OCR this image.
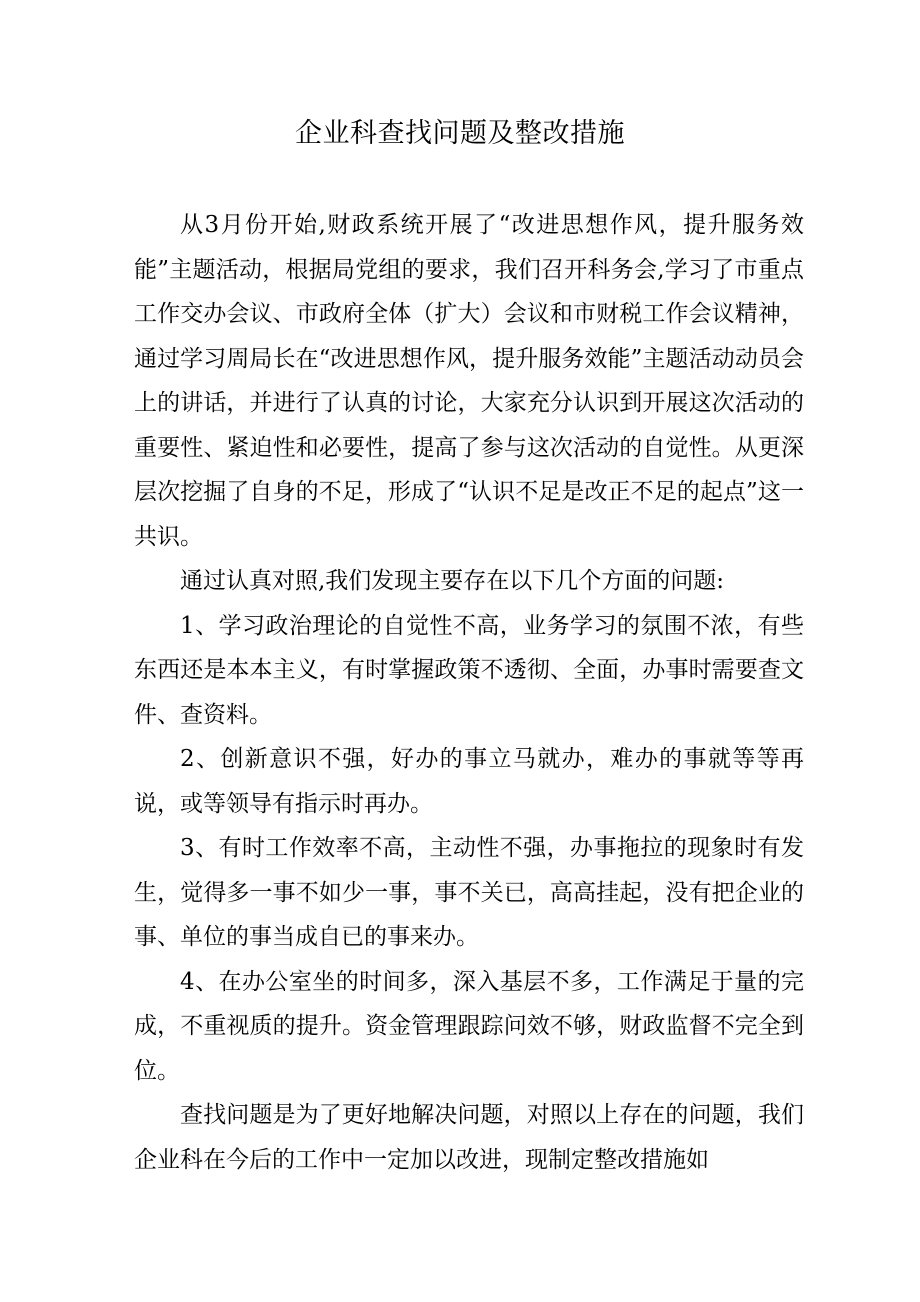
企业科查找问题及整改措施

从3月份开始,财政系统开展了“改进思想作风，提升服务效能”主题活动，根据局党组的要求，我们召开科务会,学习了市重点工作交办会议、市政府全体（扩大）会议和市财税工作会议精神，通过学习周局长在“改进思想作风，提升服务效能”主题活动动员会上的讲话，并进行了认真的讨论，大家充分认识到开展这次活动的重要性、紧迫性和必要性，提高了参与这次活动的自觉性。从更深层次挖掘了自身的不足，形成了“认识不足是改正不足的起点”这一共识。

通过认真对照,我们发现主要存在以下几个方面的问题:

1、学习政治理论的自觉性不高，业务学习的氛围不浓，有些东西还是本本主义，有时掌握政策不透彻、全面，办事时需要查文件、查资料。

2、创新意识不强，好办的事立马就办，难办的事就等等再说，或等领导有指示时再办。

3、有时工作效率不高，主动性不强，办事拖拉的现象时有发生，觉得多一事不如少一事，事不关已，高高挂起，没有把企业的事、单位的事当成自已的事来办。

4、在办公室坐的时间多，深入基层不多，工作满足于量的完成，不重视质的提升。资金管理跟踪问效不够，财政监督不完全到位。

查找问题是为了更好地解决问题，对照以上存在的问题，我们企业科在今后的工作中一定加以改进，现制定整改措施如
